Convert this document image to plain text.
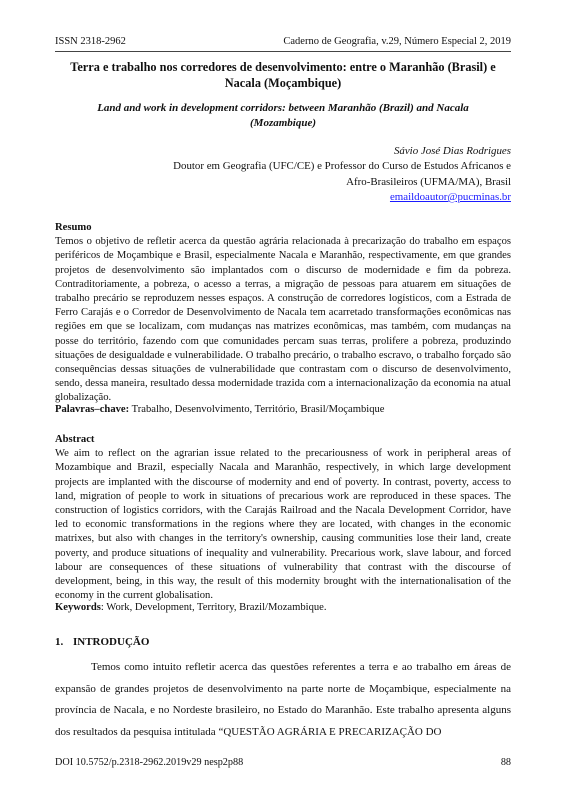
ISSN 2318-2962	Caderno de Geografia, v.29, Número Especial 2, 2019
Terra e trabalho nos corredores de desenvolvimento: entre o Maranhão (Brasil) e Nacala (Moçambique)
Land and work in development corridors: between Maranhão (Brazil) and Nacala (Mozambique)
Sávio José Dias Rodrigues
Doutor em Geografia (UFC/CE) e Professor do Curso de Estudos Africanos e
Afro-Brasileiros (UFMA/MA), Brasil
emaildoautor@pucminas.br
Resumo
Temos o objetivo de refletir acerca da questão agrária relacionada à precarização do trabalho em espaços periféricos de Moçambique e Brasil, especialmente Nacala e Maranhão, respectivamente, em que grandes projetos de desenvolvimento são implantados com o discurso de modernidade e fim da pobreza. Contraditoriamente, a pobreza, o acesso a terras, a migração de pessoas para atuarem em situações de trabalho precário se reproduzem nesses espaços. A construção de corredores logísticos, com a Estrada de Ferro Carajás e o Corredor de Desenvolvimento de Nacala tem acarretado transformações econômicas nas regiões em que se localizam, com mudanças nas matrizes econômicas, mas também, com mudanças na posse do território, fazendo com que comunidades percam suas terras, prolifere a pobreza, produzindo situações de desigualdade e vulnerabilidade. O trabalho precário, o trabalho escravo, o trabalho forçado são consequências dessas situações de vulnerabilidade que contrastam com o discurso de desenvolvimento, sendo, dessa maneira, resultado dessa modernidade trazida com a internacionalização da economia na atual globalização.
Palavras–chave: Trabalho, Desenvolvimento, Território, Brasil/Moçambique
Abstract
We aim to reflect on the agrarian issue related to the precariousness of work in peripheral areas of Mozambique and Brazil, especially Nacala and Maranhão, respectively, in which large development projects are implanted with the discourse of modernity and end of poverty. In contrast, poverty, access to land, migration of people to work in situations of precarious work are reproduced in these spaces. The construction of logistics corridors, with the Carajás Railroad and the Nacala Development Corridor, have led to economic transformations in the regions where they are located, with changes in the economic matrixes, but also with changes in the territory's ownership, causing communities lose their land, create poverty, and produce situations of inequality and vulnerability. Precarious work, slave labour, and forced labour are consequences of these situations of vulnerability that contrast with the discourse of development, being, in this way, the result of this modernity brought with the internationalisation of the economy in the current globalisation.
Keywords: Work, Development, Territory, Brazil/Mozambique.
1. INTRODUÇÃO
Temos como intuito refletir acerca das questões referentes a terra e ao trabalho em áreas de expansão de grandes projetos de desenvolvimento na parte norte de Moçambique, especialmente na província de Nacala, e no Nordeste brasileiro, no Estado do Maranhão. Este trabalho apresenta alguns dos resultados da pesquisa intitulada “QUESTÃO AGRÁRIA E PRECARIZAÇÃO DO
DOI 10.5752/p.2318-2962.2019v29 nesp2p88	88
